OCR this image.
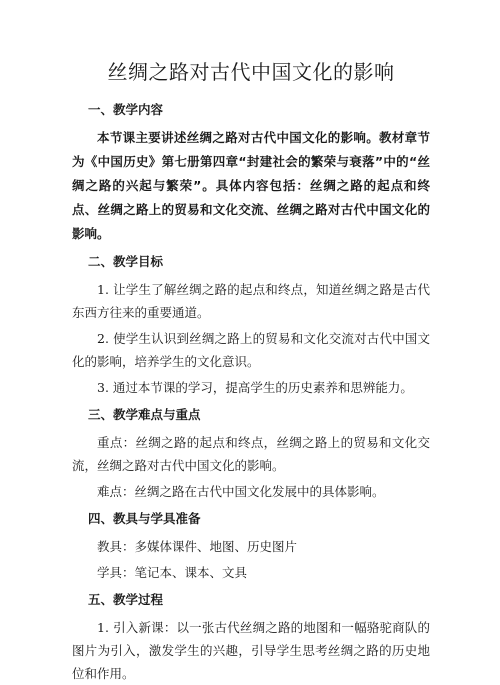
丝绸之路对古代中国文化的影响
一、教学内容
本节课主要讲述丝绸之路对古代中国文化的影响。教材章节为《中国历史》第七册第四章“封建社会的繁荣与衰落”中的“丝绸之路的兴起与繁荣”。具体内容包括：丝绸之路的起点和终点、丝绸之路上的贸易和文化交流、丝绸之路对古代中国文化的影响。
二、教学目标
1. 让学生了解丝绸之路的起点和终点，知道丝绸之路是古代东西方往来的重要通道。
2. 使学生认识到丝绸之路上的贸易和文化交流对古代中国文化的影响，培养学生的文化意识。
3. 通过本节课的学习，提高学生的历史素养和思辨能力。
三、教学难点与重点
重点：丝绸之路的起点和终点，丝绸之路上的贸易和文化交流，丝绸之路对古代中国文化的影响。
难点：丝绸之路在古代中国文化发展中的具体影响。
四、教具与学具准备
教具：多媒体课件、地图、历史图片
学具：笔记本、课本、文具
五、教学过程
1. 引入新课：以一张古代丝绸之路的地图和一幅骆驼商队的图片为引入，激发学生的兴趣，引导学生思考丝绸之路的历史地位和作用。
